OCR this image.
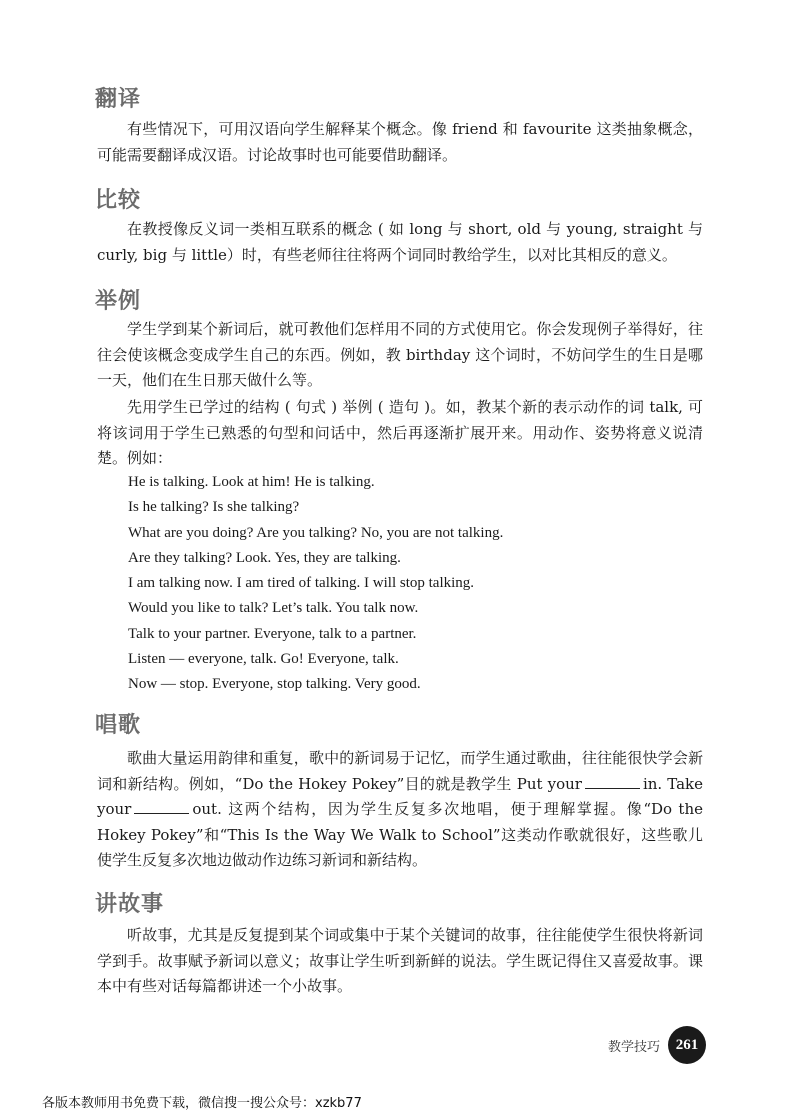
翻译

有些情况下，可用汉语向学生解释某个概念。像 friend 和 favourite 这类抽象概念，可能需要翻译成汉语。讨论故事时也可能要借助翻译。

比较

在教授像反义词一类相互联系的概念 ( 如 long 与 short, old 与 young, straight 与 curly, big 与 little）时，有些老师往往将两个词同时教给学生，以对比其相反的意义。

举例

学生学到某个新词后，就可教他们怎样用不同的方式使用它。你会发现例子举得好，往往会使该概念变成学生自己的东西。例如，教 birthday 这个词时，不妨问学生的生日是哪一天，他们在生日那天做什么等。

先用学生已学过的结构 ( 句式 ) 举例 ( 造句 )。如，教某个新的表示动作的词 talk, 可将该词用于学生已熟悉的句型和问话中，然后再逐渐扩展开来。用动作、姿势将意义说清楚。例如：

He is talking. Look at him! He is talking.
Is he talking? Is she talking?
What are you doing? Are you talking? No, you are not talking.
Are they talking? Look. Yes, they are talking.
I am talking now. I am tired of talking. I will stop talking.
Would you like to talk? Let’s talk. You talk now.
Talk to your partner. Everyone, talk to a partner.
Listen — everyone, talk. Go! Everyone, talk.
Now — stop. Everyone, stop talking. Very good.
唱歌

歌曲大量运用韵律和重复，歌中的新词易于记忆，而学生通过歌曲，往往能很快学会新词和新结构。例如，“Do the Hokey Pokey”目的就是教学生 Put your	in. Take your	out. 这两个结构，因为学生反复多次地唱，便于理解掌握。像“Do the Hokey Pokey”和“This Is the Way We Walk to School”这类动作歌就很好，这些歌儿使学生反复多次地边做动作边练习新词和新结构。

讲故事

听故事，尤其是反复提到某个词或集中于某个关键词的故事，往往能使学生很快将新词学到手。故事赋予新词以意义；故事让学生听到新鲜的说法。学生既记得住又喜爱故事。课本中有些对话每篇都讲述一个小故事。

教学技巧	261
各版本教师用书免费下载，微信搜一搜公众号：xzkb77
